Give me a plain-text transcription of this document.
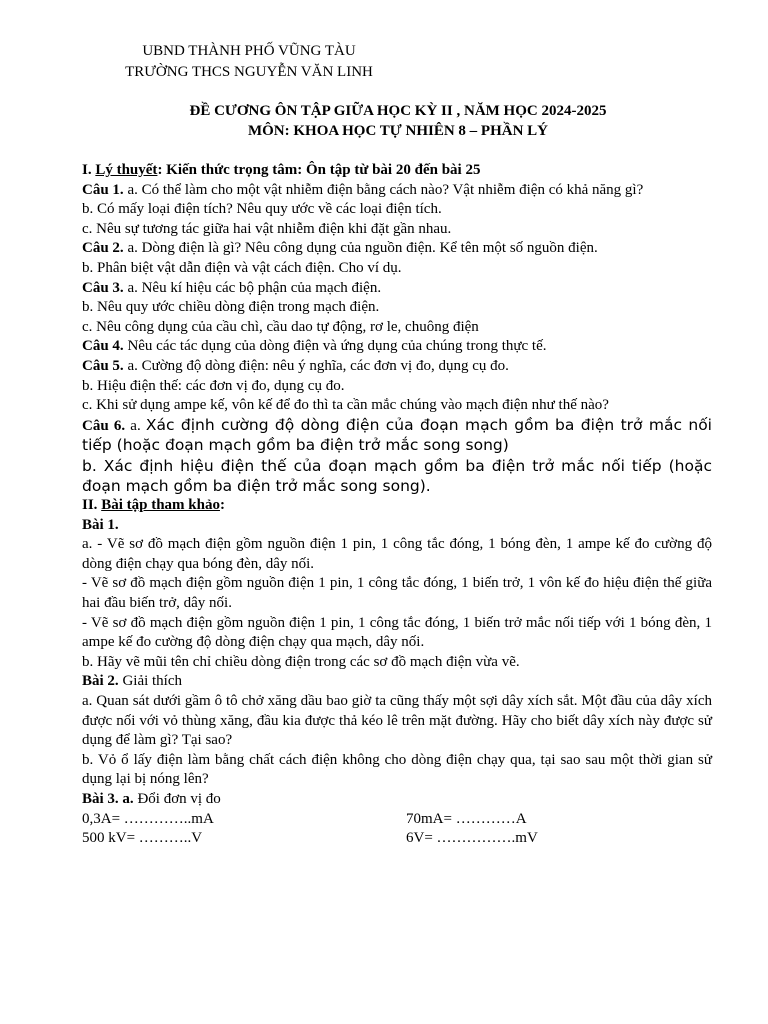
UBND THÀNH PHỐ VŨNG TÀU
TRƯỜNG THCS NGUYỄN VĂN LINH
ĐỀ CƯƠNG ÔN TẬP GIỮA HỌC KỲ II , NĂM HỌC 2024-2025
MÔN: KHOA HỌC TỰ NHIÊN 8 – PHẦN LÝ

I. Lý thuyết: Kiến thức trọng tâm: Ôn tập từ bài 20 đến bài 25

Câu 1. a. Có thể làm cho một vật nhiễm điện bằng cách nào? Vật nhiễm điện có khả năng gì?

b. Có mấy loại điện tích? Nêu quy ước về các loại điện tích.

c. Nêu sự tương tác giữa hai vật nhiễm điện khi đặt gần nhau.

Câu 2. a. Dòng điện là gì? Nêu công dụng của nguồn điện. Kể tên một số nguồn điện.

b. Phân biệt vật dẫn điện và vật cách điện. Cho ví dụ.

Câu 3. a. Nêu kí hiệu các bộ phận của mạch điện.

b. Nêu quy ước chiều dòng điện trong mạch điện.

c. Nêu công dụng của cầu chì, cầu dao tự động, rơ le, chuông điện

Câu 4. Nêu các tác dụng của dòng điện và ứng dụng của chúng trong thực tế.

Câu 5. a. Cường độ dòng điện: nêu ý nghĩa, các đơn vị đo, dụng cụ đo.

b. Hiệu điện thế: các đơn vị đo, dụng cụ đo.

c. Khi sử dụng ampe kế, vôn kế để đo thì ta cần mắc chúng vào mạch điện như thế nào?

Câu 6. a. Xác định cường độ dòng điện của đoạn mạch gồm ba điện trở mắc nối tiếp (hoặc đoạn mạch gồm ba điện trở mắc song song)

b. Xác định hiệu điện thế của đoạn mạch gồm ba điện trở mắc nối tiếp (hoặc đoạn mạch gồm ba điện trở mắc song song).

II. Bài tập tham khảo:

Bài 1.

a. - Vẽ sơ đồ mạch điện gồm nguồn điện 1 pin, 1 công tắc đóng, 1 bóng đèn, 1 ampe kế đo cường độ dòng điện chạy qua bóng đèn, dây nối.

- Vẽ sơ đồ mạch điện gồm nguồn điện 1 pin, 1 công tắc đóng, 1 biến trở, 1 vôn kế đo hiệu điện thế giữa hai đầu biến trở, dây nối.

- Vẽ sơ đồ mạch điện gồm nguồn điện 1 pin, 1 công tắc đóng, 1 biến trở mắc nối tiếp với 1 bóng đèn, 1 ampe kế đo cường độ dòng điện chạy qua mạch, dây nối.

b. Hãy vẽ mũi tên chỉ chiều dòng điện trong các sơ đồ mạch điện vừa vẽ.

Bài 2. Giải thích

a. Quan sát dưới gầm ô tô chở xăng dầu bao giờ ta cũng thấy một sợi dây xích sắt. Một đầu của dây xích được nối với vỏ thùng xăng, đầu kia được thả kéo lê trên mặt đường. Hãy cho biết dây xích này được sử dụng để làm gì? Tại sao?

b. Vỏ ổ lấy điện làm bằng chất cách điện không cho dòng điện chạy qua, tại sao sau một thời gian sử dụng lại bị nóng lên?

Bài 3. a. Đổi đơn vị đo

0,3A= …………..mA	70mA= …………A
500 kV= ………..V	6V= …………….mV
